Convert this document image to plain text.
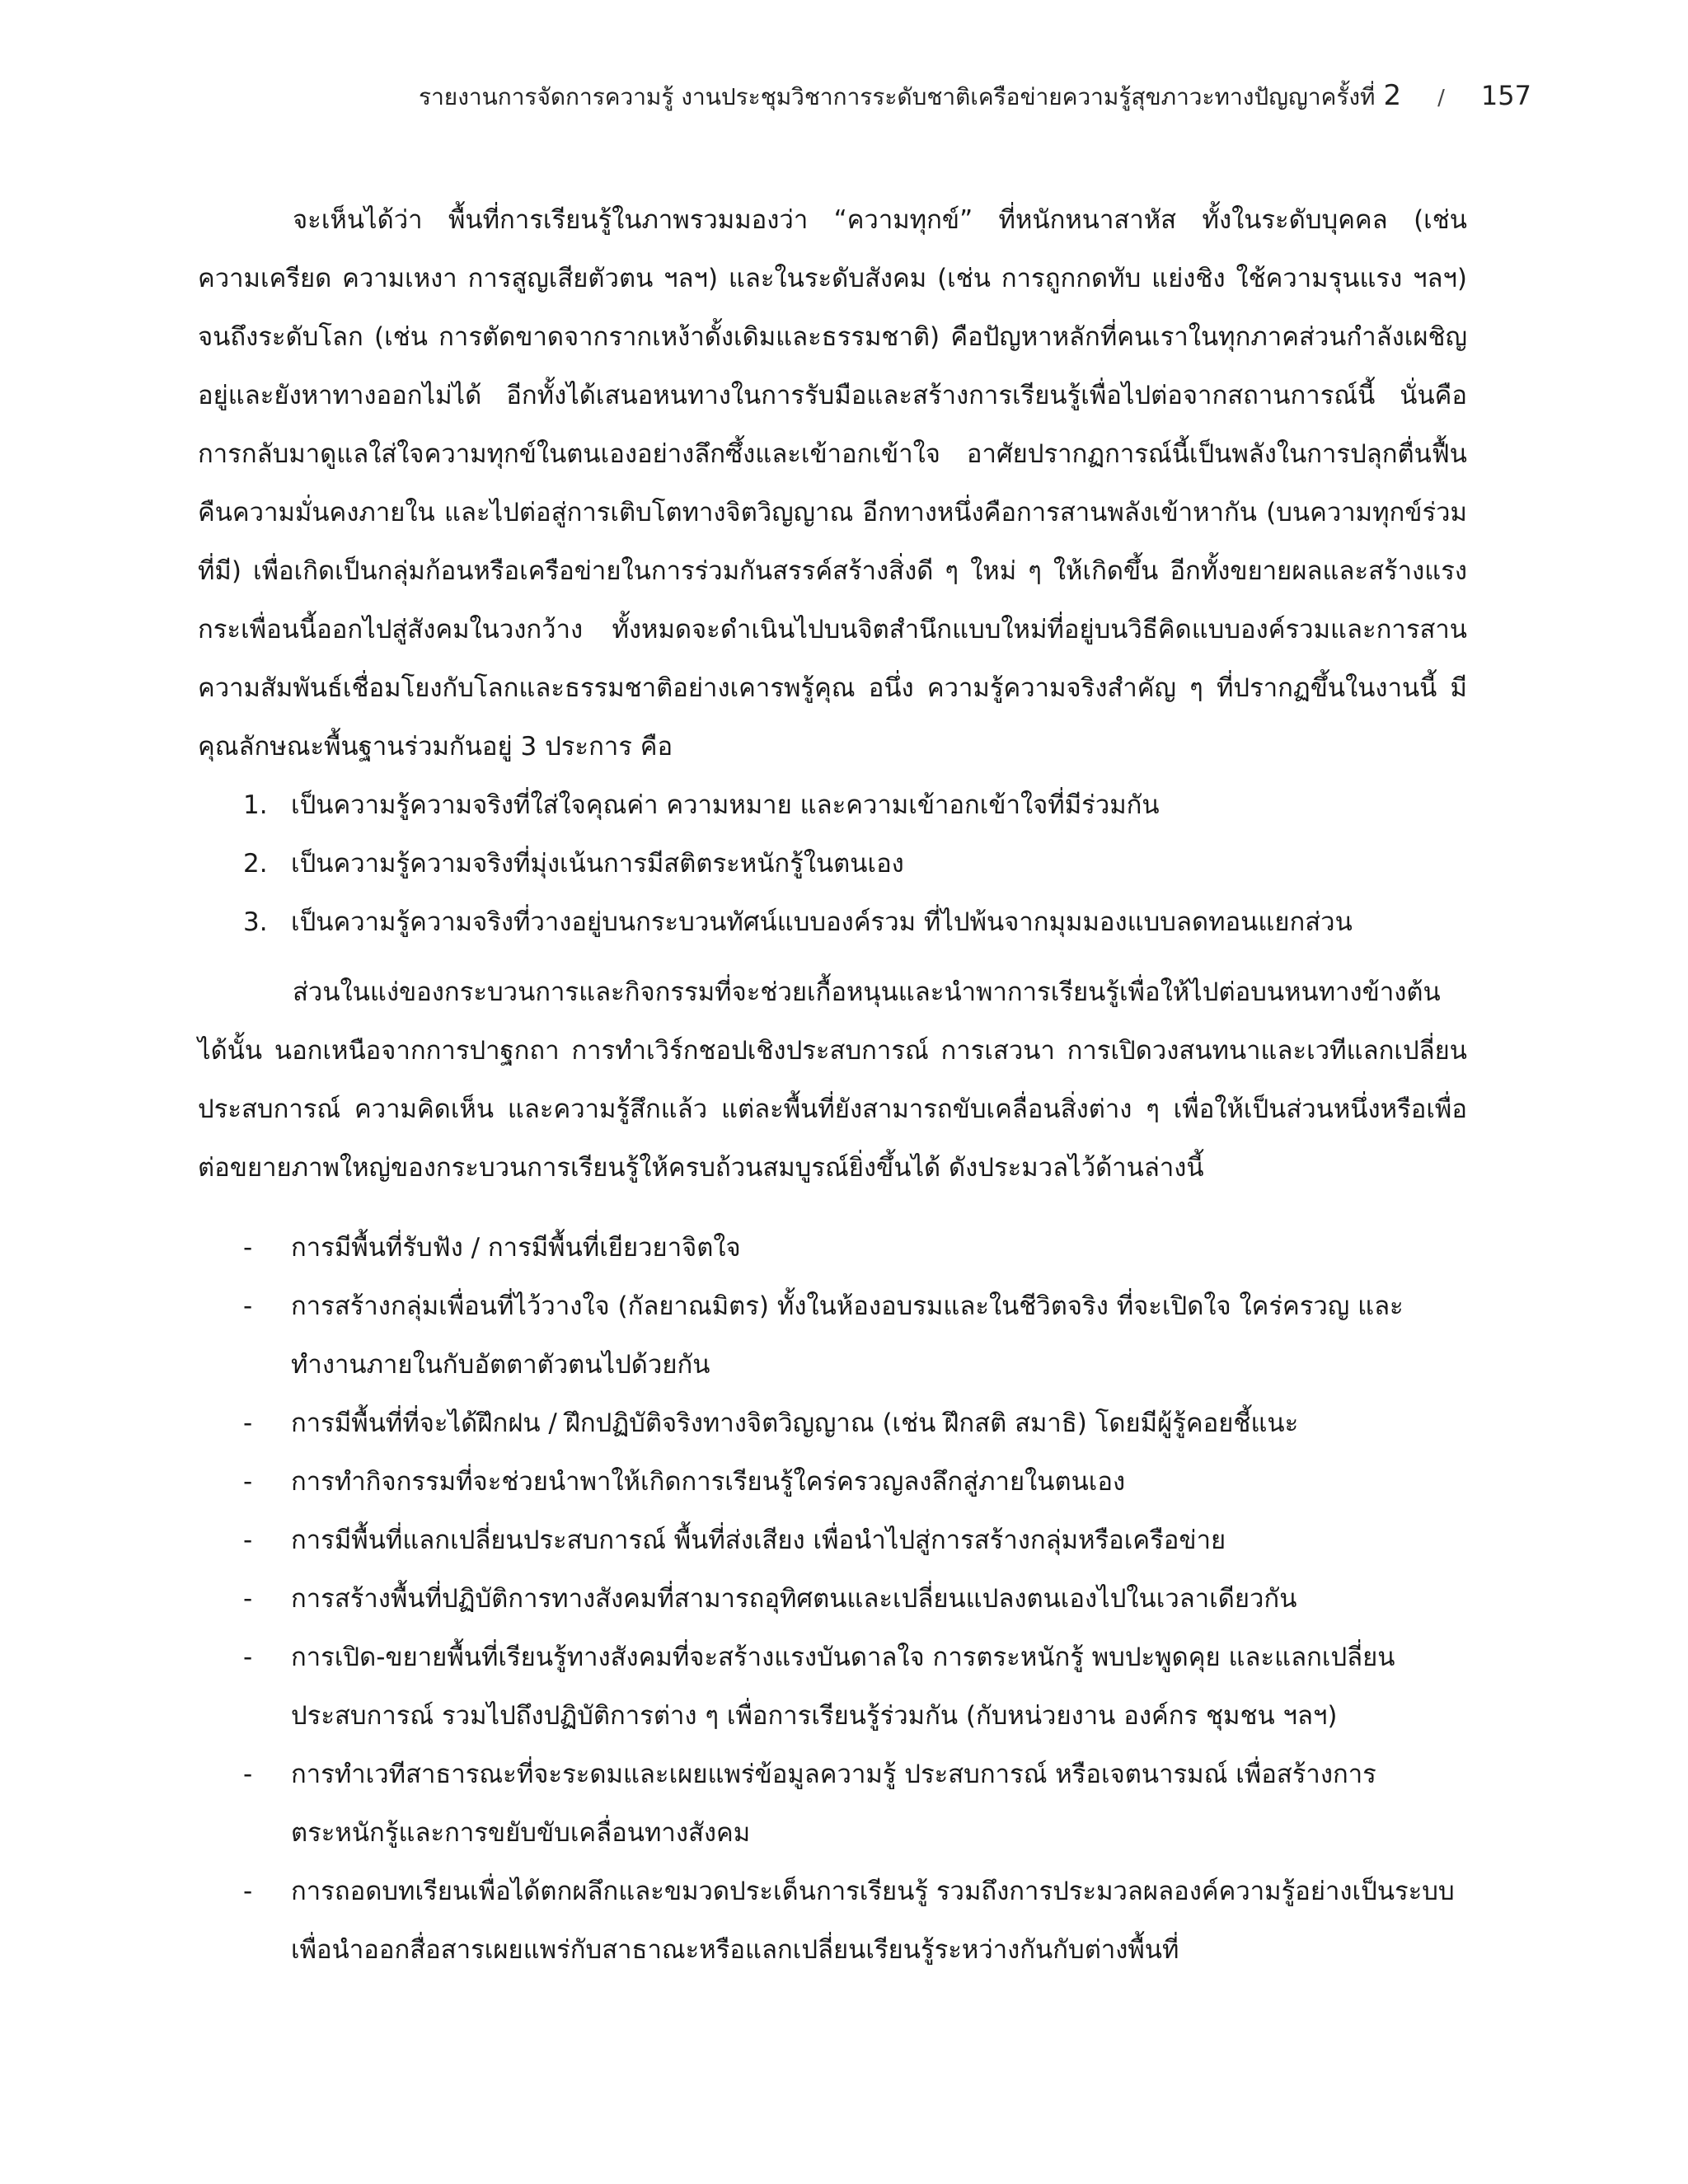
รายงานการจัดการความรู้ งานประชุมวิชาการระดับชาติเครือข่ายความรู้สุขภาวะทางปัญญาครั้งที่ 2 / 157

จะเห็นได้ว่า พื้นที่การเรียนรู้ในภาพรวมมองว่า “ความทุกข์” ที่หนักหนาสาหัส ทั้งในระดับบุคคล (เช่น ความเครียด ความเหงา การสูญเสียตัวตน ฯลฯ) และในระดับสังคม (เช่น การถูกกดทับ แย่งชิง ใช้ความรุนแรง ฯลฯ) จนถึงระดับโลก (เช่น การตัดขาดจากรากเหง้าดั้งเดิมและธรรมชาติ) คือปัญหาหลักที่คนเราในทุกภาคส่วนกำลังเผชิญอยู่และยังหาทางออกไม่ได้ อีกทั้งได้เสนอหนทางในการรับมือและสร้างการเรียนรู้เพื่อไปต่อจากสถานการณ์นี้ นั่นคือ การกลับมาดูแลใส่ใจความทุกข์ในตนเองอย่างลึกซึ้งและเข้าอกเข้าใจ อาศัยปรากฏการณ์นี้เป็นพลังในการปลุกตื่นฟื้นคืนความมั่นคงภายใน และไปต่อสู่การเติบโตทางจิตวิญญาณ อีกทางหนึ่งคือการสานพลังเข้าหากัน (บนความทุกข์ร่วมที่มี) เพื่อเกิดเป็นกลุ่มก้อนหรือเครือข่ายในการร่วมกันสรรค์สร้างสิ่งดี ๆ ใหม่ ๆ ให้เกิดขึ้น อีกทั้งขยายผลและสร้างแรงกระเพื่อนนี้ออกไปสู่สังคมในวงกว้าง ทั้งหมดจะดำเนินไปบนจิตสำนึกแบบใหม่ที่อยู่บนวิธีคิดแบบองค์รวมและการสานความสัมพันธ์เชื่อมโยงกับโลกและธรรมชาติอย่างเคารพรู้คุณ อนึ่ง ความรู้ความจริงสำคัญ ๆ ที่ปรากฏขึ้นในงานนี้ มีคุณลักษณะพื้นฐานร่วมกันอยู่ 3 ประการ คือ

1. เป็นความรู้ความจริงที่ใส่ใจคุณค่า ความหมาย และความเข้าอกเข้าใจที่มีร่วมกัน
2. เป็นความรู้ความจริงที่มุ่งเน้นการมีสติตระหนักรู้ในตนเอง
3. เป็นความรู้ความจริงที่วางอยู่บนกระบวนทัศน์แบบองค์รวม ที่ไปพ้นจากมุมมองแบบลดทอนแยกส่วน

ส่วนในแง่ของกระบวนการและกิจกรรมที่จะช่วยเกื้อหนุนและนำพาการเรียนรู้เพื่อให้ไปต่อบนหนทางข้างต้นได้นั้น นอกเหนือจากการปาฐกถา การทำเวิร์กชอปเชิงประสบการณ์ การเสวนา การเปิดวงสนทนาและเวทีแลกเปลี่ยนประสบการณ์ ความคิดเห็น และความรู้สึกแล้ว แต่ละพื้นที่ยังสามารถขับเคลื่อนสิ่งต่าง ๆ เพื่อให้เป็นส่วนหนึ่งหรือเพื่อต่อขยายภาพใหญ่ของกระบวนการเรียนรู้ให้ครบถ้วนสมบูรณ์ยิ่งขึ้นได้ ดังประมวลไว้ด้านล่างนี้

-	การมีพื้นที่รับฟัง / การมีพื้นที่เยียวยาจิตใจ
-	การสร้างกลุ่มเพื่อนที่ไว้วางใจ (กัลยาณมิตร) ทั้งในห้องอบรมและในชีวิตจริง ที่จะเปิดใจ ใคร่ครวญ และทำงานภายในกับอัตตาตัวตนไปด้วยกัน
-	การมีพื้นที่ที่จะได้ฝึกฝน / ฝึกปฏิบัติจริงทางจิตวิญญาณ (เช่น ฝึกสติ สมาธิ) โดยมีผู้รู้คอยชี้แนะ
-	การทำกิจกรรมที่จะช่วยนำพาให้เกิดการเรียนรู้ใคร่ครวญลงลึกสู่ภายในตนเอง
-	การมีพื้นที่แลกเปลี่ยนประสบการณ์ พื้นที่ส่งเสียง เพื่อนำไปสู่การสร้างกลุ่มหรือเครือข่าย
-	การสร้างพื้นที่ปฏิบัติการทางสังคมที่สามารถอุทิศตนและเปลี่ยนแปลงตนเองไปในเวลาเดียวกัน
-	การเปิด-ขยายพื้นที่เรียนรู้ทางสังคมที่จะสร้างแรงบันดาลใจ การตระหนักรู้ พบปะพูดคุย และแลกเปลี่ยนประสบการณ์ รวมไปถึงปฏิบัติการต่าง ๆ เพื่อการเรียนรู้ร่วมกัน (กับหน่วยงาน องค์กร ชุมชน ฯลฯ)
-	การทำเวทีสาธารณะที่จะระดมและเผยแพร่ข้อมูลความรู้ ประสบการณ์ หรือเจตนารมณ์ เพื่อสร้างการตระหนักรู้และการขยับขับเคลื่อนทางสังคม
-	การถอดบทเรียนเพื่อได้ตกผลึกและขมวดประเด็นการเรียนรู้ รวมถึงการประมวลผลองค์ความรู้อย่างเป็นระบบ เพื่อนำออกสื่อสารเผยแพร่กับสาธาณะหรือแลกเปลี่ยนเรียนรู้ระหว่างกันกับต่างพื้นที่
